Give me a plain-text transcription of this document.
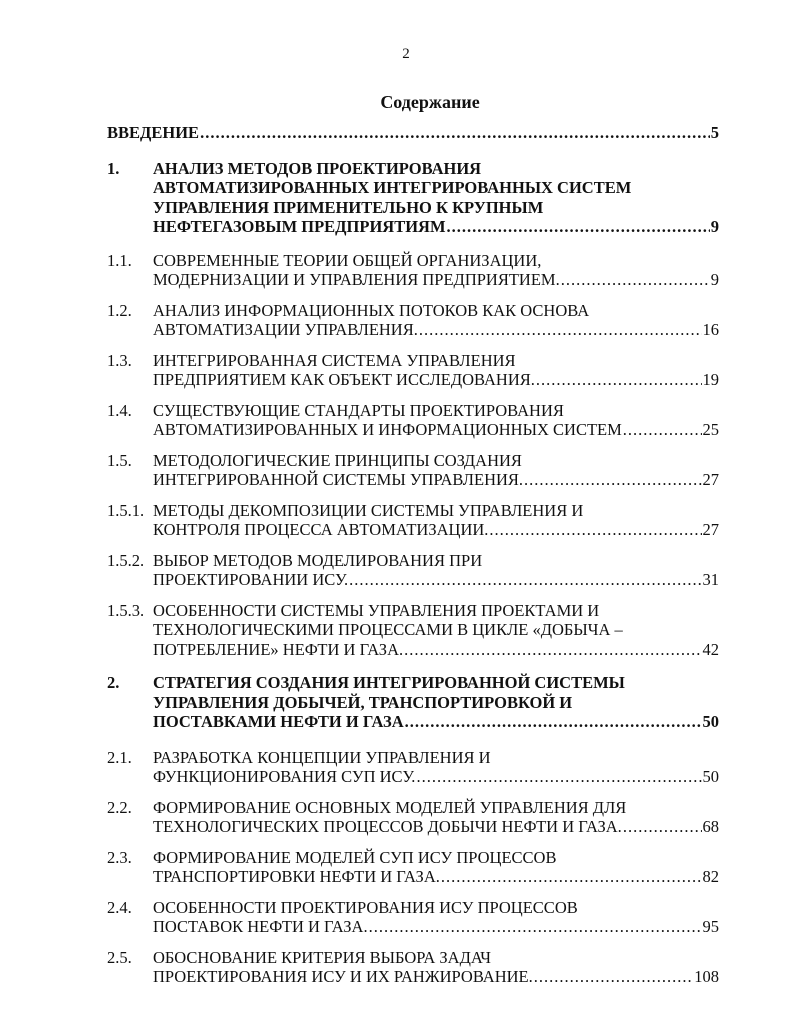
2
Содержание
ВВЕДЕНИЕ .....	5
1.	АНАЛИЗ МЕТОДОВ ПРОЕКТИРОВАНИЯ
АВТОМАТИЗИРОВАННЫХ ИНТЕГРИРОВАННЫХ СИСТЕМ
УПРАВЛЕНИЯ ПРИМЕНИТЕЛЬНО К КРУПНЫМ
НЕФТЕГАЗОВЫМ ПРЕДПРИЯТИЯМ .....	9
1.1.	СОВРЕМЕННЫЕ ТЕОРИИ ОБЩЕЙ ОРГАНИЗАЦИИ,
МОДЕРНИЗАЦИИ И УПРАВЛЕНИЯ ПРЕДПРИЯТИЕМ. .....	9
1.2.	АНАЛИЗ ИНФОРМАЦИОННЫХ ПОТОКОВ КАК ОСНОВА
АВТОМАТИЗАЦИИ УПРАВЛЕНИЯ. .....	16
1.3.	ИНТЕГРИРОВАННАЯ СИСТЕМА УПРАВЛЕНИЯ
ПРЕДПРИЯТИЕМ КАК ОБЪЕКТ ИССЛЕДОВАНИЯ. .....	19
1.4.	СУЩЕСТВУЮЩИЕ СТАНДАРТЫ ПРОЕКТИРОВАНИЯ
АВТОМАТИЗИРОВАННЫХ И ИНФОРМАЦИОННЫХ СИСТЕМ .....	25
1.5.	МЕТОДОЛОГИЧЕСКИЕ ПРИНЦИПЫ СОЗДАНИЯ
ИНТЕГРИРОВАННОЙ СИСТЕМЫ УПРАВЛЕНИЯ. .....	27
1.5.1. МЕТОДЫ ДЕКОМПОЗИЦИИ СИСТЕМЫ УПРАВЛЕНИЯ И
КОНТРОЛЯ ПРОЦЕССА АВТОМАТИЗАЦИИ. .....	27
1.5.2. ВЫБОР МЕТОДОВ МОДЕЛИРОВАНИЯ ПРИ
ПРОЕКТИРОВАНИИ ИСУ. .....	31
1.5.3. ОСОБЕННОСТИ СИСТЕМЫ УПРАВЛЕНИЯ ПРОЕКТАМИ И
ТЕХНОЛОГИЧЕСКИМИ ПРОЦЕССАМИ В ЦИКЛЕ «ДОБЫЧА –
ПОТРЕБЛЕНИЕ» НЕФТИ И ГАЗА. .....	42
2.	СТРАТЕГИЯ СОЗДАНИЯ ИНТЕГРИРОВАННОЙ СИСТЕМЫ
УПРАВЛЕНИЯ ДОБЫЧЕЙ, ТРАНСПОРТИРОВКОЙ И
ПОСТАВКАМИ НЕФТИ И ГАЗА .....	50
2.1.	РАЗРАБОТКА КОНЦЕПЦИИ УПРАВЛЕНИЯ И
ФУНКЦИОНИРОВАНИЯ СУП ИСУ. .....	50
2.2.	ФОРМИРОВАНИЕ ОСНОВНЫХ МОДЕЛЕЙ УПРАВЛЕНИЯ ДЛЯ
ТЕХНОЛОГИЧЕСКИХ ПРОЦЕССОВ ДОБЫЧИ НЕФТИ И ГАЗА. .....	68
2.3.	ФОРМИРОВАНИЕ МОДЕЛЕЙ СУП ИСУ ПРОЦЕССОВ
ТРАНСПОРТИРОВКИ НЕФТИ И ГАЗА. .....	82
2.4.	ОСОБЕННОСТИ ПРОЕКТИРОВАНИЯ ИСУ ПРОЦЕССОВ
ПОСТАВОК НЕФТИ И ГАЗА. .....	95
2.5.	ОБОСНОВАНИЕ КРИТЕРИЯ ВЫБОРА ЗАДАЧ
ПРОЕКТИРОВАНИЯ ИСУ И ИХ РАНЖИРОВАНИЕ. .....	108
